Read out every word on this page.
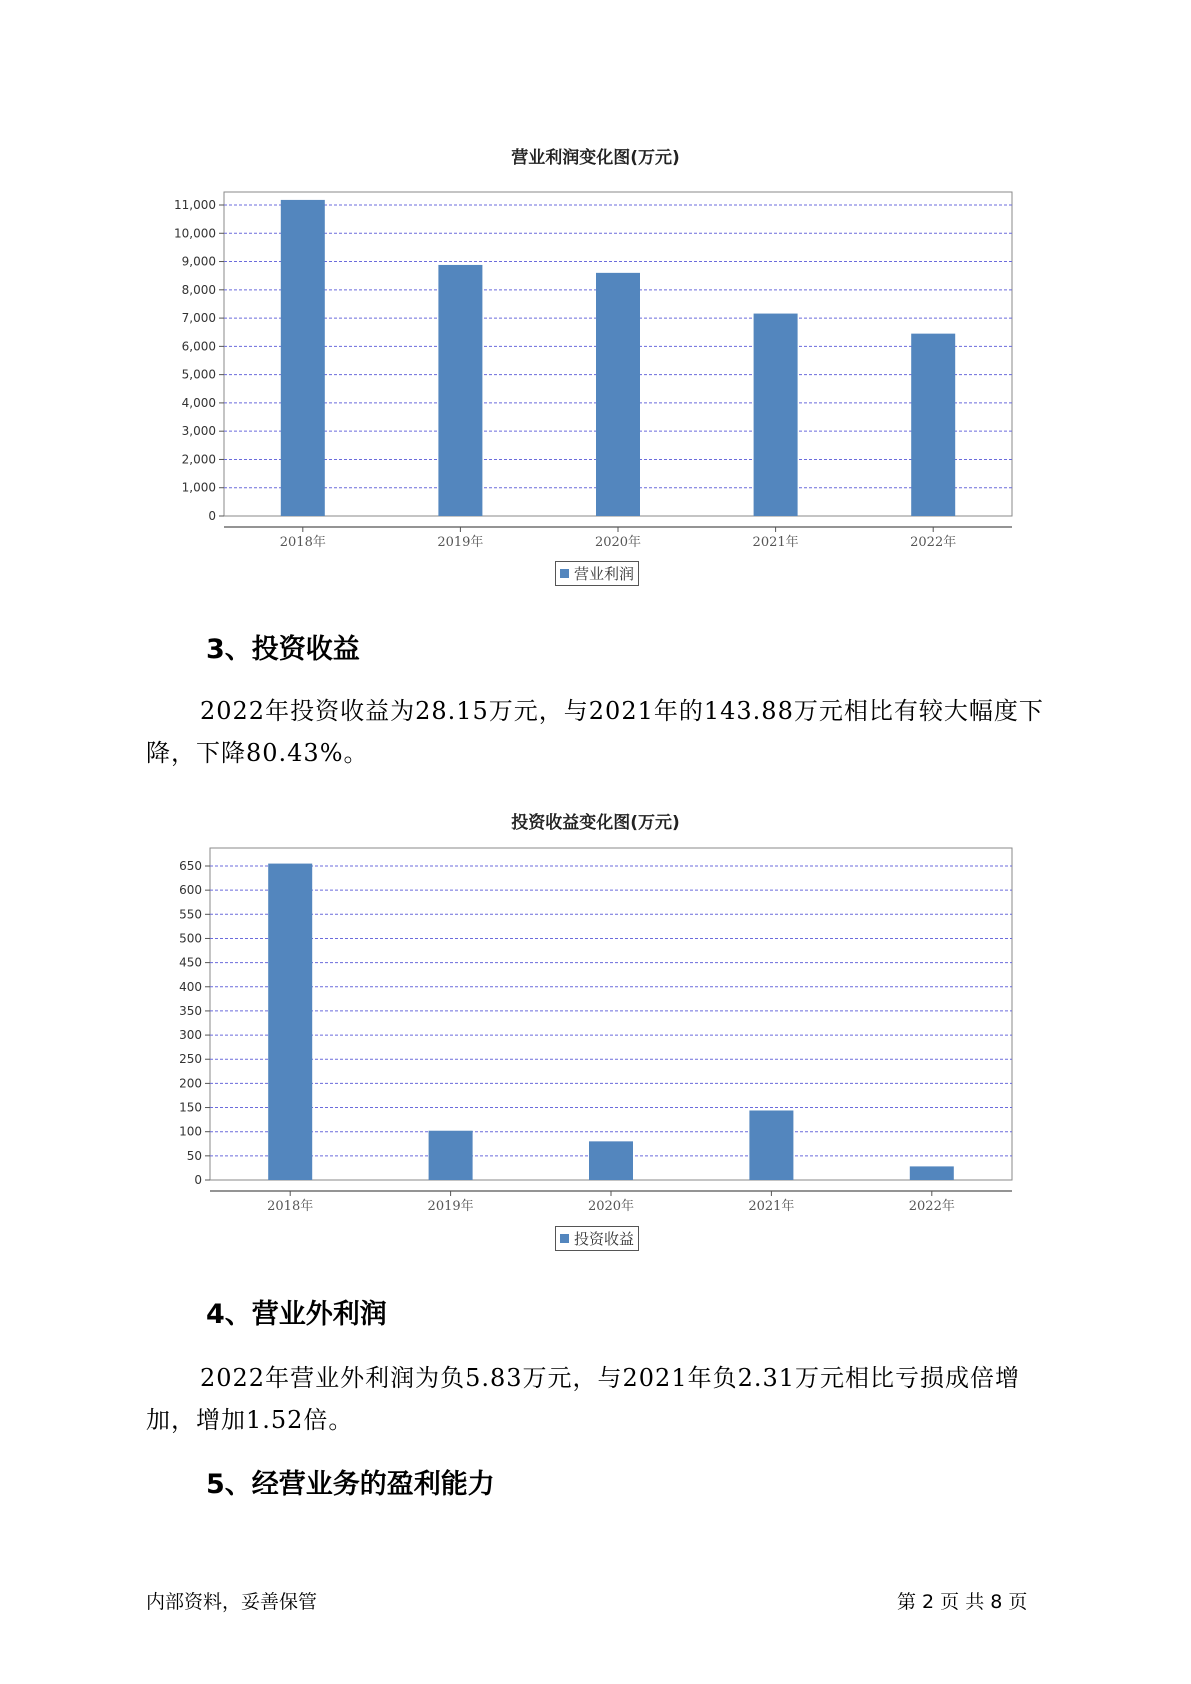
营业利润变化图(万元)
0
1,000
2,000
3,000
4,000
5,000
6,000
7,000
8,000
9,000
10,000
11,000
2018年	2019年	2020年	2021年	2022年
营业利润
3、投资收益
2022年投资收益为28.15万元，与2021年的143.88万元相比有较大幅度下降，下降80.43%。
投资收益变化图(万元)
0
50
100
150
200
250
300
350
400
450
500
550
600
650
2018年	2019年	2020年	2021年	2022年
投资收益
4、营业外利润
2022年营业外利润为负5.83万元，与2021年负2.31万元相比亏损成倍增加，增加1.52倍。
5、经营业务的盈利能力
内部资料，妥善保管	第 2 页 共 8 页
